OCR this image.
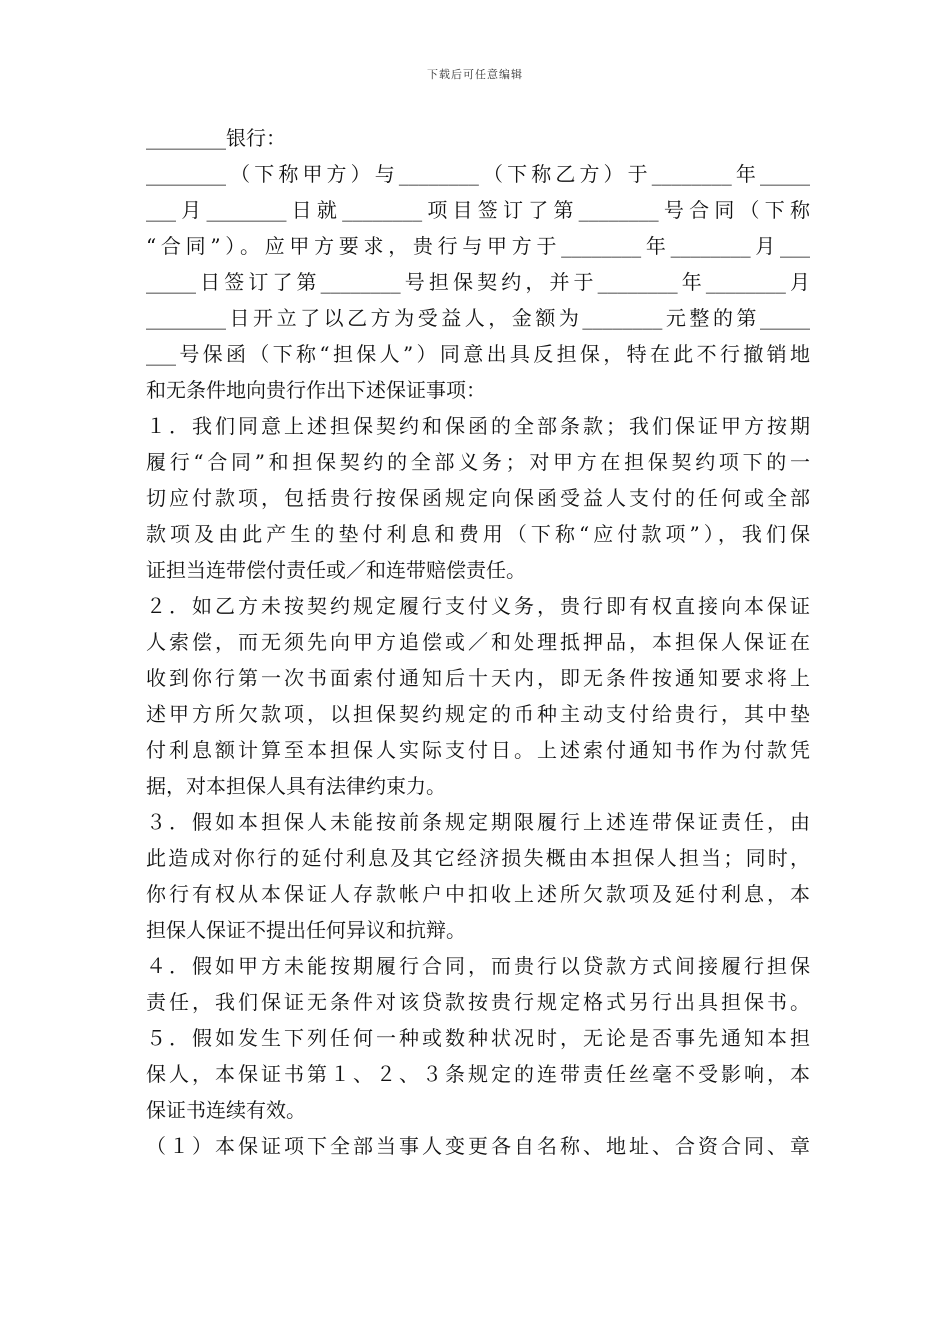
下载后可任意编辑
________银行：
________（下称甲方）与________（下称乙方）于________年_____
___月________日就________项目签订了第________号合同（下称
“合同”）。应甲方要求，贵行与甲方于________年________月___
_____日签订了第________号担保契约，并于________年________月
________日开立了以乙方为受益人，金额为________元整的第_____
___号保函（下称“担保人”）同意出具反担保，特在此不行撤销地
和无条件地向贵行作出下述保证事项：
１．我们同意上述担保契约和保函的全部条款；我们保证甲方按期
履行“合同”和担保契约的全部义务；对甲方在担保契约项下的一
切应付款项，包括贵行按保函规定向保函受益人支付的任何或全部
款项及由此产生的垫付利息和费用（下称“应付款项”），我们保
证担当连带偿付责任或／和连带赔偿责任。
２．如乙方未按契约规定履行支付义务，贵行即有权直接向本保证
人索偿，而无须先向甲方追偿或／和处理抵押品，本担保人保证在
收到你行第一次书面索付通知后十天内，即无条件按通知要求将上
述甲方所欠款项，以担保契约规定的币种主动支付给贵行，其中垫
付利息额计算至本担保人实际支付日。上述索付通知书作为付款凭
据，对本担保人具有法律约束力。
３．假如本担保人未能按前条规定期限履行上述连带保证责任，由
此造成对你行的延付利息及其它经济损失概由本担保人担当；同时，
你行有权从本保证人存款帐户中扣收上述所欠款项及延付利息，本
担保人保证不提出任何异议和抗辩。
４．假如甲方未能按期履行合同，而贵行以贷款方式间接履行担保
责任，我们保证无条件对该贷款按贵行规定格式另行出具担保书。
５．假如发生下列任何一种或数种状况时，无论是否事先通知本担
保人，本保证书第１、２、３条规定的连带责任丝毫不受影响，本
保证书连续有效。
（１）本保证项下全部当事人变更各自名称、地址、合资合同、章
